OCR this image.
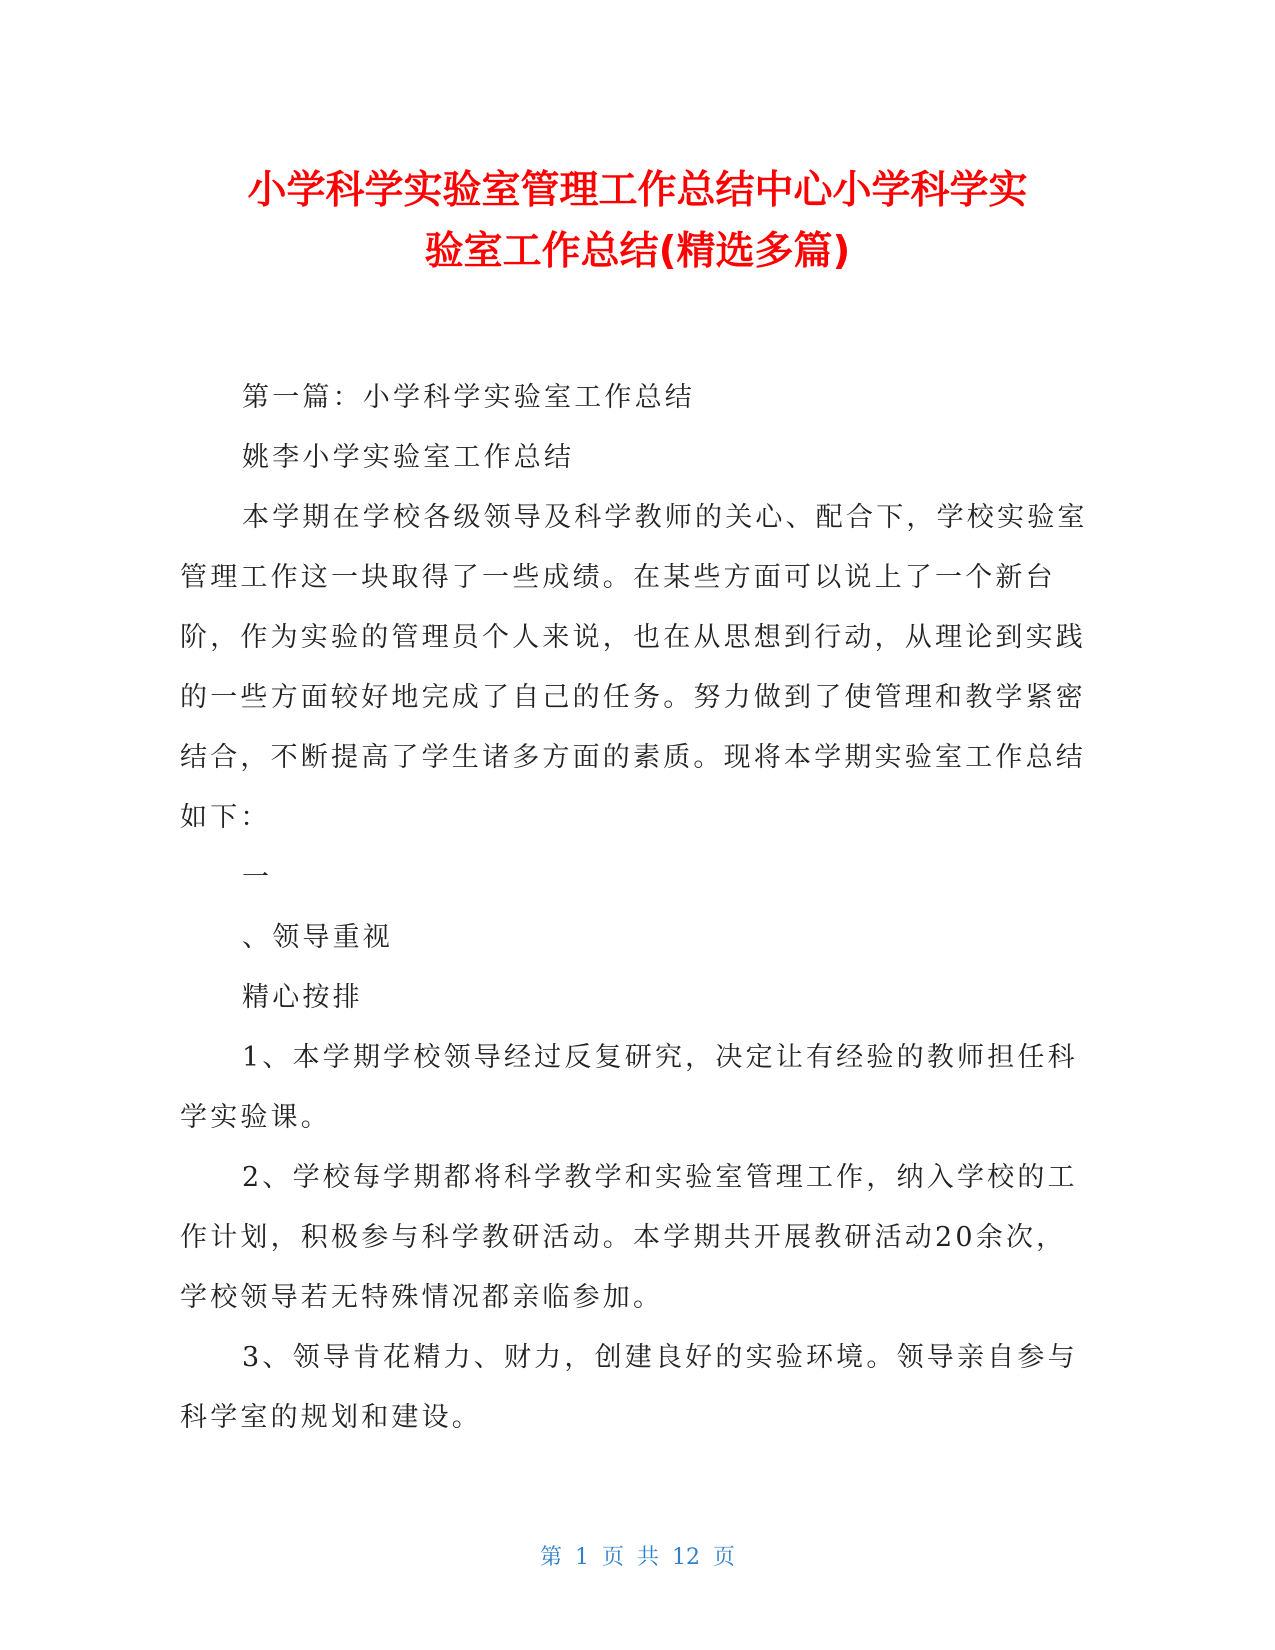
小学科学实验室管理工作总结中心小学科学实
验室工作总结(精选多篇)

第一篇：小学科学实验室工作总结

姚李小学实验室工作总结

本学期在学校各级领导及科学教师的关心、配合下，学校实验室管理工作这一块取得了一些成绩。在某些方面可以说上了一个新台阶，作为实验的管理员个人来说，也在从思想到行动，从理论到实践的一些方面较好地完成了自己的任务。努力做到了使管理和教学紧密结合，不断提高了学生诸多方面的素质。现将本学期实验室工作总结如下：

一

、领导重视

精心按排

1、本学期学校领导经过反复研究，决定让有经验的教师担任科学实验课。

2、学校每学期都将科学教学和实验室管理工作，纳入学校的工作计划，积极参与科学教研活动。本学期共开展教研活动20余次，学校领导若无特殊情况都亲临参加。

3、领导肯花精力、财力，创建良好的实验环境。领导亲自参与科学室的规划和建设。

第 1 页 共 12 页
